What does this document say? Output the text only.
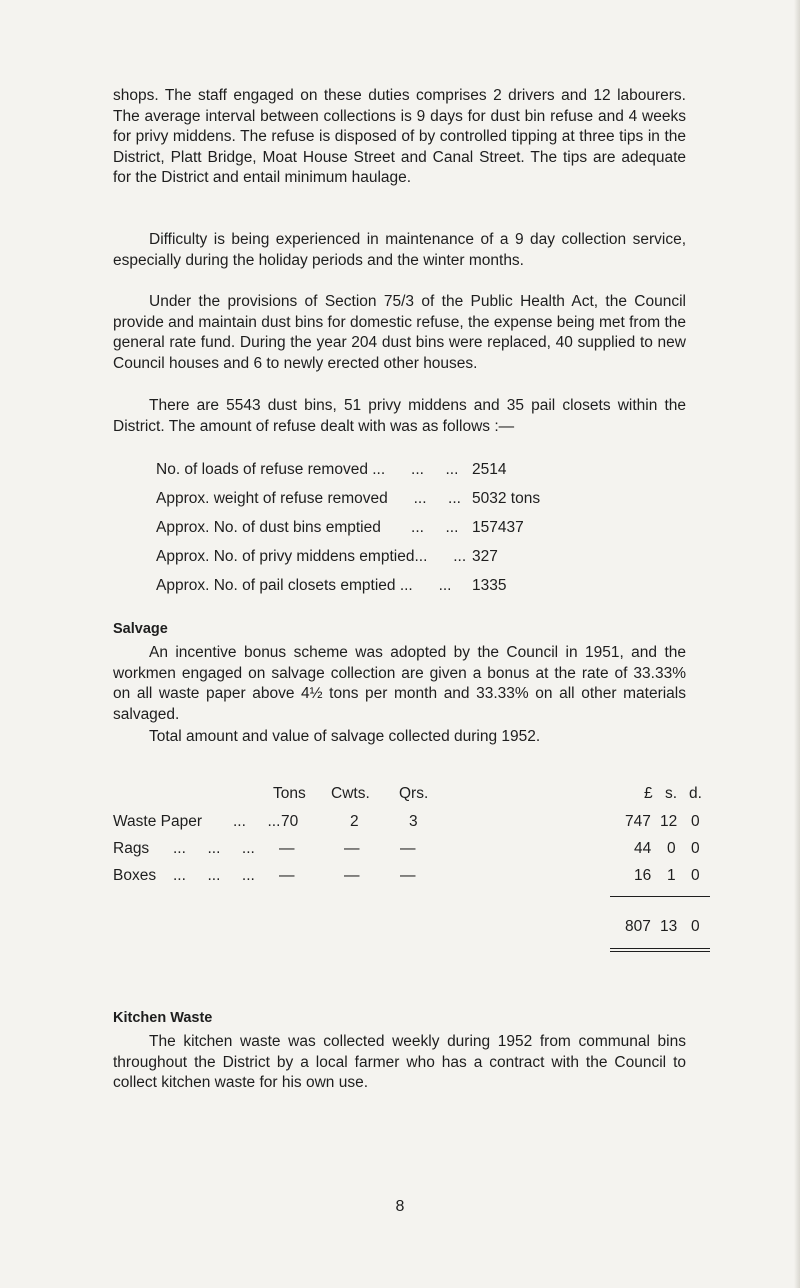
shops. The staff engaged on these duties comprises 2 drivers and 12 labourers. The average interval between collections is 9 days for dust bin refuse and 4 weeks for privy middens. The refuse is disposed of by controlled tipping at three tips in the District, Platt Bridge, Moat House Street and Canal Street. The tips are adequate for the District and entail minimum haulage.

Difficulty is being experienced in maintenance of a 9 day collection service, especially during the holiday periods and the winter months.

Under the provisions of Section 75/3 of the Public Health Act, the Council provide and maintain dust bins for domestic refuse, the expense being met from the general rate fund. During the year 204 dust bins were replaced, 40 supplied to new Council houses and 6 to newly erected other houses.

There are 5543 dust bins, 51 privy middens and 35 pail closets within the District. The amount of refuse dealt with was as follows :—

No. of loads of refuse removed ...      ...     ... 2514
Approx. weight of refuse removed      ...     ... 5032 tons
Approx. No. of dust bins emptied       ...     ... 157437
Approx. No. of privy middens emptied...      ... 327
Approx. No. of pail closets emptied ...      ... 1335

Salvage

An incentive bonus scheme was adopted by the Council in 1951, and the workmen engaged on salvage collection are given a bonus at the rate of 33.33% on all waste paper above 4½ tons per month and 33.33% on all other materials salvaged.

Total amount and value of salvage collected during 1952.

Tons Cwts. Qrs.	£ s. d.
Waste Paper ...     ... 70	2	3	747 12 0
Rags ...     ...     ... —	—	—	44 0 0
Boxes ...     ...     ... —	—	—	16 1 0
807 13 0

Kitchen Waste

The kitchen waste was collected weekly during 1952 from communal bins throughout the District by a local farmer who has a contract with the Council to collect kitchen waste for his own use.

8
